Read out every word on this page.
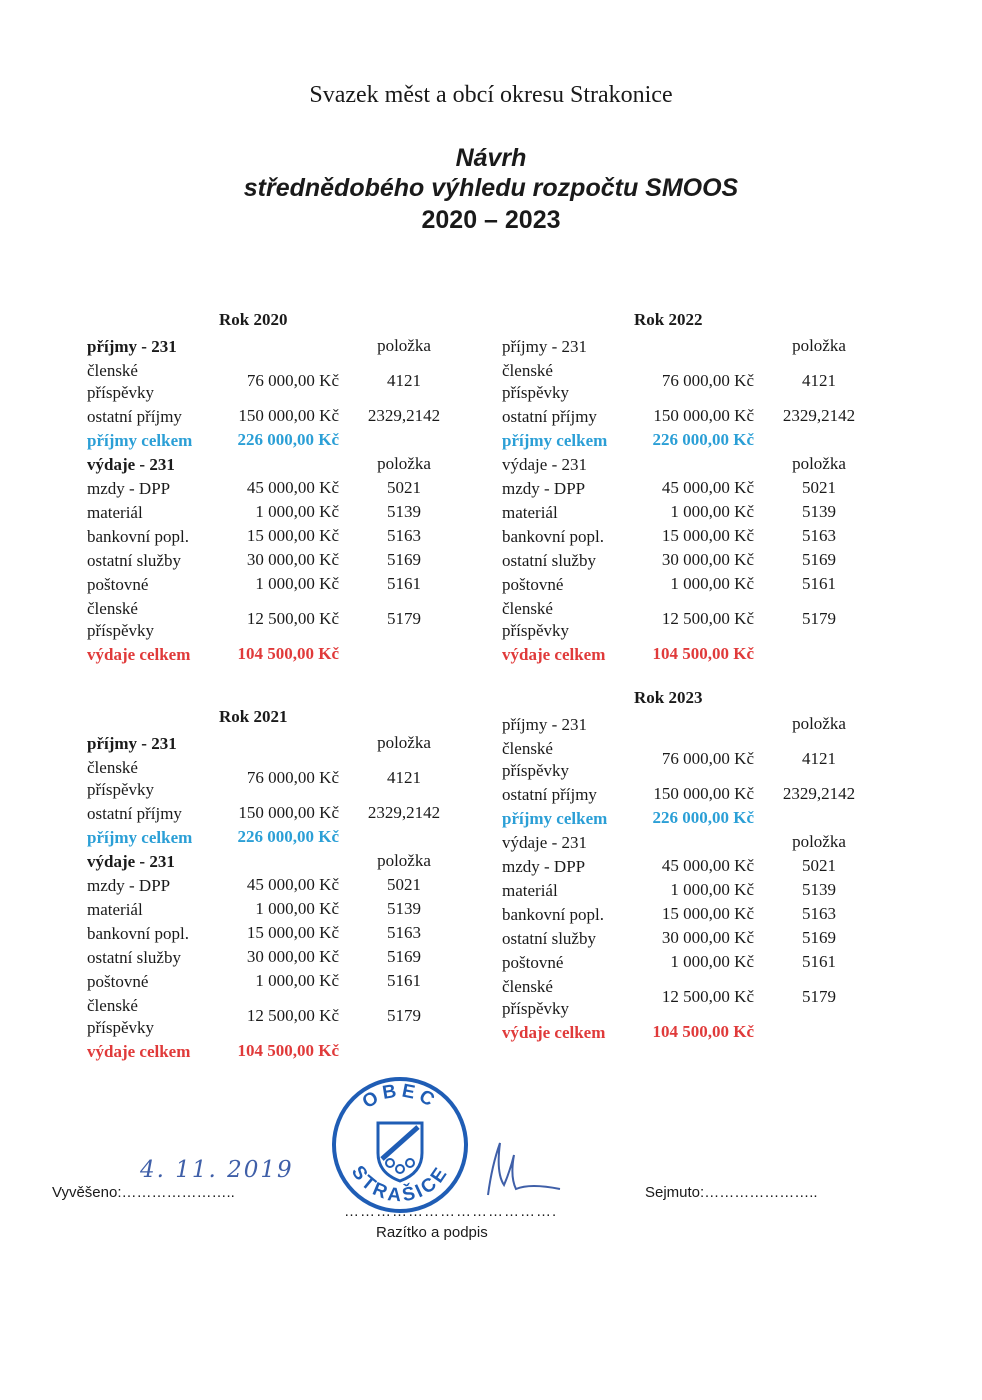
Svazek měst a obcí okresu Strakonice
Návrh
střednědobého výhledu rozpočtu SMOOS
2020 – 2023
Rok 2020
příjmy - 231	položka
členské
příspěvky
76 000,00 Kč	4121
ostatní příjmy	150 000,00 Kč	2329,2142
příjmy celkem	226 000,00 Kč
výdaje - 231	položka
mzdy - DPP	45 000,00 Kč	5021
materiál	1 000,00 Kč	5139
bankovní popl.	15 000,00 Kč	5163
ostatní služby	30 000,00 Kč	5169
poštovné	1 000,00 Kč	5161
členské
příspěvky
12 500,00 Kč	5179
výdaje celkem	104 500,00 Kč
Rok 2022
příjmy - 231	položka
členské
příspěvky
76 000,00 Kč	4121
ostatní příjmy	150 000,00 Kč	2329,2142
příjmy celkem	226 000,00 Kč
výdaje - 231	položka
mzdy - DPP	45 000,00 Kč	5021
materiál	1 000,00 Kč	5139
bankovní popl.	15 000,00 Kč	5163
ostatní služby	30 000,00 Kč	5169
poštovné	1 000,00 Kč	5161
členské
příspěvky
12 500,00 Kč	5179
výdaje celkem	104 500,00 Kč
Rok 2021
příjmy - 231	položka
členské
příspěvky
76 000,00 Kč	4121
ostatní příjmy	150 000,00 Kč	2329,2142
příjmy celkem	226 000,00 Kč
výdaje - 231	položka
mzdy - DPP	45 000,00 Kč	5021
materiál	1 000,00 Kč	5139
bankovní popl.	15 000,00 Kč	5163
ostatní služby	30 000,00 Kč	5169
poštovné	1 000,00 Kč	5161
členské
příspěvky
12 500,00 Kč	5179
výdaje celkem	104 500,00 Kč
Rok 2023
příjmy - 231	položka
členské
příspěvky
76 000,00 Kč	4121
ostatní příjmy	150 000,00 Kč	2329,2142
příjmy celkem	226 000,00 Kč
výdaje - 231	položka
mzdy - DPP	45 000,00 Kč	5021
materiál	1 000,00 Kč	5139
bankovní popl.	15 000,00 Kč	5163
ostatní služby	30 000,00 Kč	5169
poštovné	1 000,00 Kč	5161
členské
příspěvky
12 500,00 Kč	5179
výdaje celkem	104 500,00 Kč
Vyvěšeno:…………………..
4. 11. 2019
OBEC
STRAŠICE
………………………………….
Razítko a podpis
Sejmuto:…………………..
